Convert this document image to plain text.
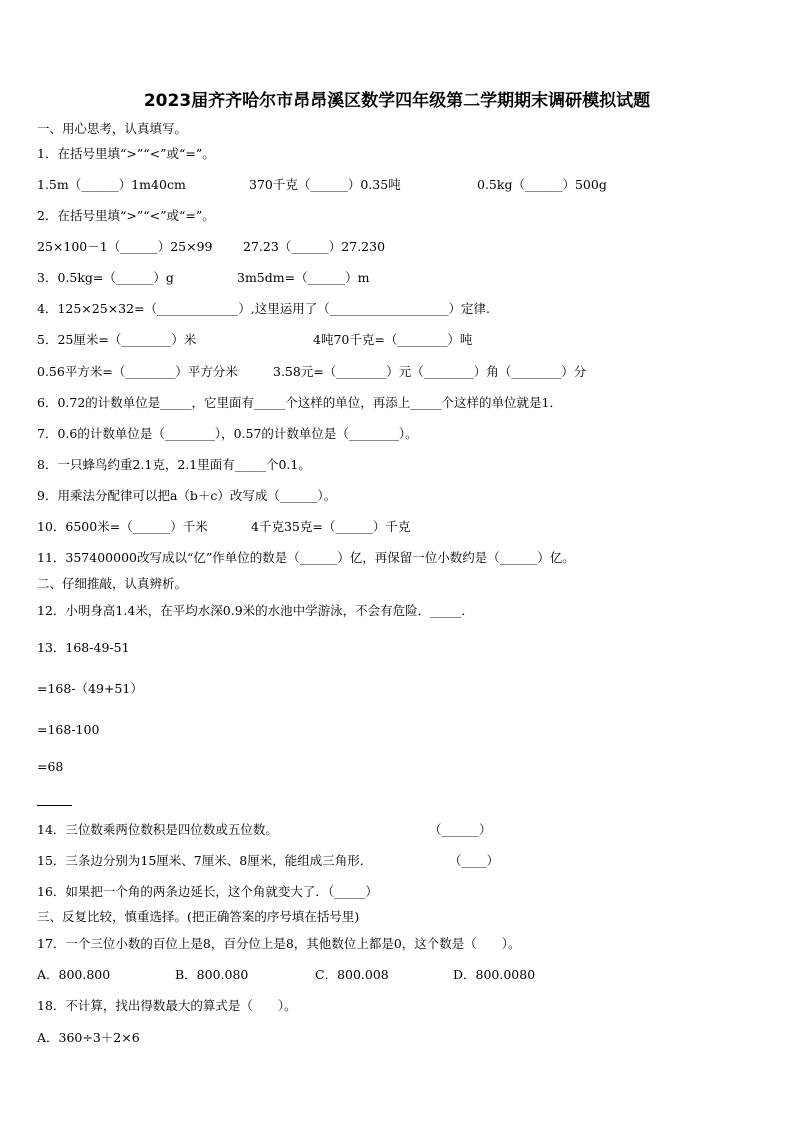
2023届齐齐哈尔市昂昂溪区数学四年级第二学期期末调研模拟试题
一、用心思考，认真填写。
1．在括号里填“>”“<”或“=”。
1.5m（______）1m40cm	370千克（______）0.35吨	0.5kg（______）500g
2．在括号里填“>”“<”或“=”。
25×100－1（______）25×99 27.23（______）27.230
3．0.5kg=（______）g	3m5dm=（______）m
4．125×25×32=（_____________）,这里运用了（___________________）定律.
5．25厘米=（________）米	4吨70千克=（________）吨
0.56平方米=（________）平方分米	3.58元=（________）元（________）角（________）分
6．0.72的计数单位是_____，它里面有_____个这样的单位，再添上_____个这样的单位就是1．
7．0.6的计数单位是（________），0.57的计数单位是（________）。
8．一只蜂鸟约重2.1克，2.1里面有_____个0.1。
9．用乘法分配律可以把a（b＋c）改写成（______）。
10．6500米=（______）千米	4千克35克=（______）千克
11．357400000改写成以“亿”作单位的数是（______）亿，再保留一位小数约是（______）亿。
二、仔细推敲，认真辨析。
12．小明身高1.4米，在平均水深0.9米的水池中学游泳，不会有危险．_____．
13．168-49-51
=168-（49+51）
=168-100
=68
14．三位数乘两位数积是四位数或五位数。	（______）
15．三条边分别为15厘米、7厘米、8厘米，能组成三角形．	（____）
16．如果把一个角的两条边延长，这个角就变大了．（_____）
三、反复比较，慎重选择。(把正确答案的序号填在括号里)
17．一个三位小数的百位上是8，百分位上是8，其他数位上都是0，这个数是（　　）。
A．800.800	B．800.080	C．800.008	D．800.0080
18．不计算，找出得数最大的算式是（　　）。
A．360÷3＋2×6
